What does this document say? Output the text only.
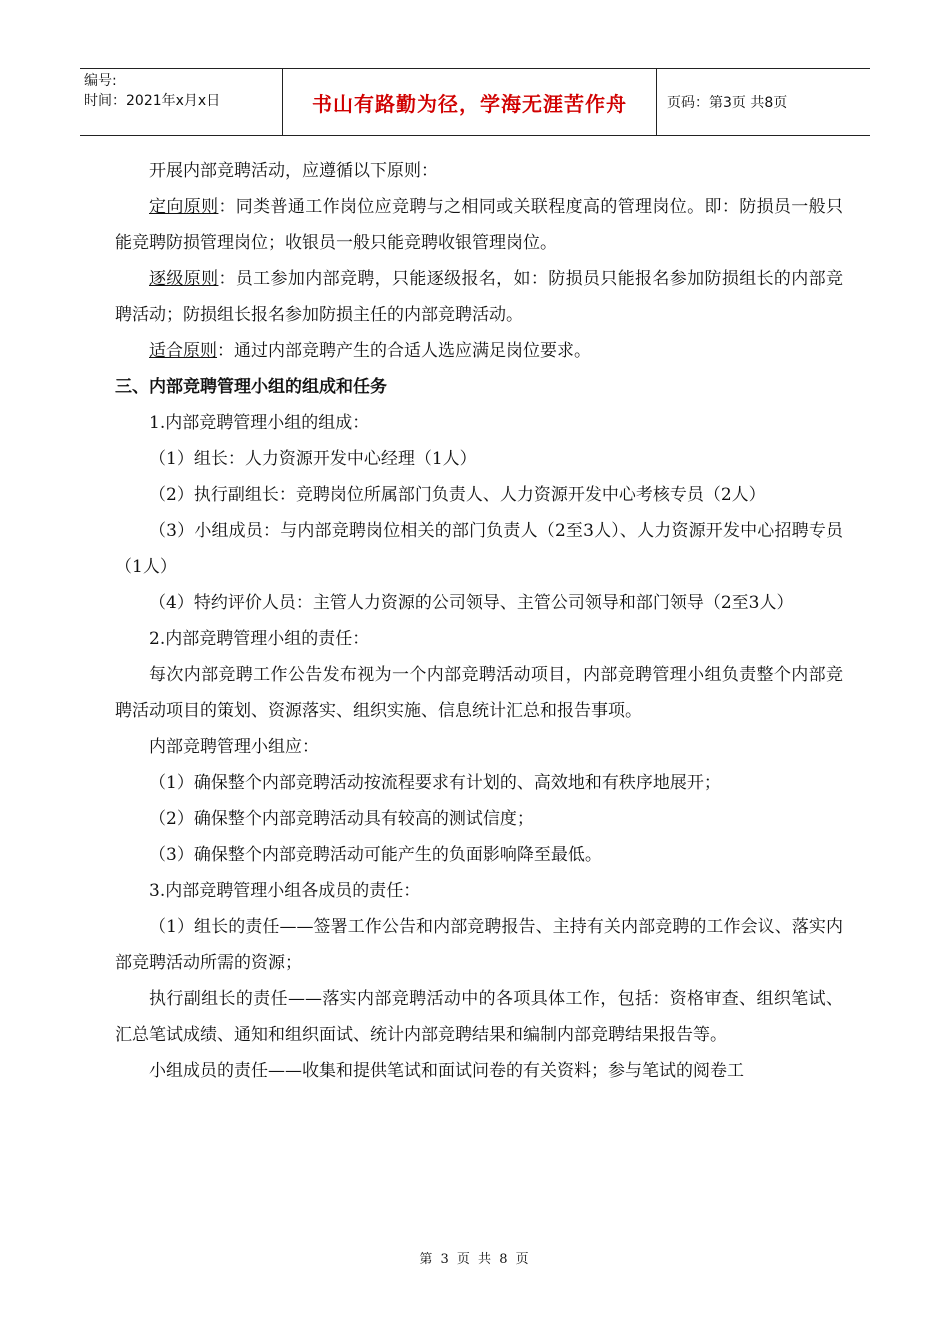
编号:
时间：2021年x月x日	书山有路勤为径，学海无涯苦作舟	页码：第3页 共8页

开展内部竞聘活动，应遵循以下原则：

定向原则：同类普通工作岗位应竞聘与之相同或关联程度高的管理岗位。即：防损员一般只能竞聘防损管理岗位；收银员一般只能竞聘收银管理岗位。

逐级原则：员工参加内部竞聘，只能逐级报名，如：防损员只能报名参加防损组长的内部竞聘活动；防损组长报名参加防损主任的内部竞聘活动。

适合原则：通过内部竞聘产生的合适人选应满足岗位要求。

三、内部竞聘管理小组的组成和任务

1.内部竞聘管理小组的组成：

（1）组长：人力资源开发中心经理（1人）

（2）执行副组长：竞聘岗位所属部门负责人、人力资源开发中心考核专员（2人）

（3）小组成员：与内部竞聘岗位相关的部门负责人（2至3人）、人力资源开发中心招聘专员（1人）

（4）特约评价人员：主管人力资源的公司领导、主管公司领导和部门领导（2至3人）

2.内部竞聘管理小组的责任：

每次内部竞聘工作公告发布视为一个内部竞聘活动项目，内部竞聘管理小组负责整个内部竞聘活动项目的策划、资源落实、组织实施、信息统计汇总和报告事项。

内部竞聘管理小组应：

（1）确保整个内部竞聘活动按流程要求有计划的、高效地和有秩序地展开；

（2）确保整个内部竞聘活动具有较高的测试信度；

（3）确保整个内部竞聘活动可能产生的负面影响降至最低。

3.内部竞聘管理小组各成员的责任：

（1）组长的责任——签署工作公告和内部竞聘报告、主持有关内部竞聘的工作会议、落实内部竞聘活动所需的资源；

执行副组长的责任——落实内部竞聘活动中的各项具体工作，包括：资格审查、组织笔试、汇总笔试成绩、通知和组织面试、统计内部竞聘结果和编制内部竞聘结果报告等。

小组成员的责任——收集和提供笔试和面试问卷的有关资料；参与笔试的阅卷工

第 3 页 共 8 页
